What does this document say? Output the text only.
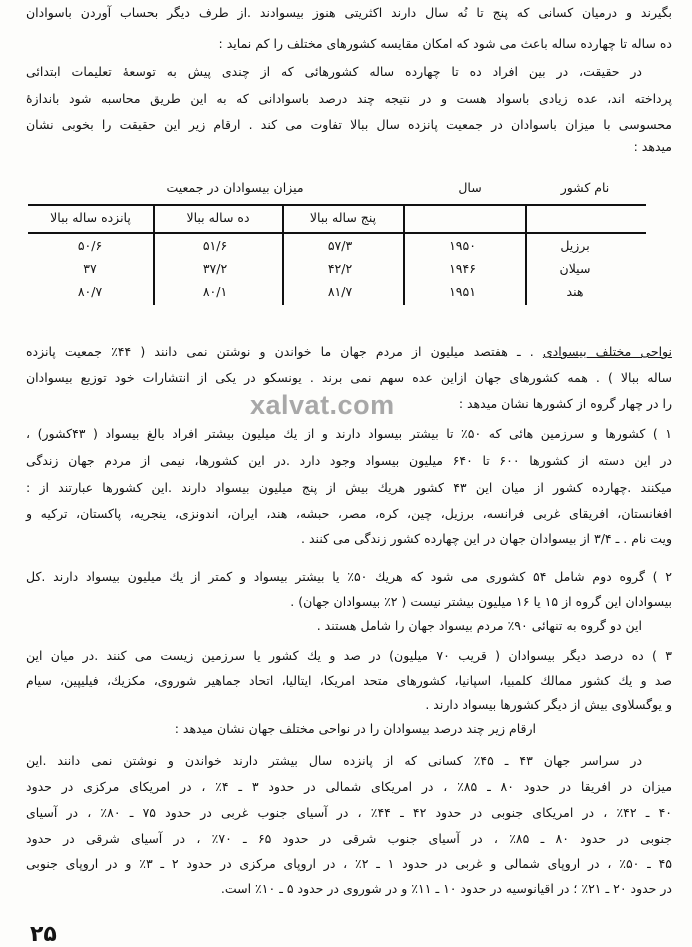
بگیرند و درمیان کسانی که پنج تا نُه سال دارند اکثریتی هنوز بیسوادند .از طرف دیگر بحساب آوردن باسوادان
ده ساله تا چهارده ساله باعث می شود که امکان مقایسه کشورهای مختلف را کم نماید :
در حقیقت، در بین افراد ده تا چهارده ساله کشورهائی که از چندی پیش به توسعهٔ تعلیمات ابتدائی
پرداخته اند، عده زیادی باسواد هست و در نتیجه چند درصد باسوادانی که به این طریق محاسبه شود باندازهٔ
محسوسی با میزان باسوادان در جمعیت پانزده سال ببالا تفاوت می کند . ارقام زیر این حقیقت را بخوبی نشان
میدهد :
میزان بیسوادان در جمعیت	سال	نام کشور
پنج ساله ببالا
ده ساله ببالا
پانزده ساله ببالا
برزیل
۱۹۵۰
۵۷/۳
۵۱/۶
۵۰/۶
سیلان
۱۹۴۶
۴۲/۲
۳۷/۲
۳۷
هند
۱۹۵۱
۸۱/۷
۸۰/۱
۸۰/۷
نواحی مختلف بیسوادی . ـ هفتصد میلیون از مردم جهان ما خواندن و نوشتن نمی دانند ( ۴۴٪ جمعیت پانزده
ساله ببالا ) . همه کشورهای جهان ازاین عده سهم نمی برند . یونسکو در یکی از انتشارات خود توزیع بیسوادان
را در چهار گروه از کشورها نشان میدهد :
xalvat.com
۱ ) کشورها و سرزمین هائی که ۵۰٪ تا بیشتر بیسواد دارند و از یك میلیون بیشتر افراد بالغ بیسواد ( ۴۳کشور) ،
در این دسته از کشورها ۶۰۰ تا ۶۴۰ میلیون بیسواد وجود دارد .در این کشورها، نیمی از مردم جهان زندگی
میکنند .چهارده کشور از میان این ۴۳ کشور هریك بیش از پنج میلیون بیسواد دارند .این کشورها عبارتند از :
افغانستان، افریقای غربی فرانسه، برزیل، چین، کره، مصر، حبشه، هند، ایران، اندونزی، ینجریه، پاکستان، ترکیه و
ویت نام . ـ ۳/۴ از بیسوادان جهان در این چهارده کشور زندگی می کنند .
۲ ) گروه دوم شامل ۵۴ کشوری می شود که هریك ۵۰٪ یا بیشتر بیسواد و کمتر از یك میلیون بیسواد دارند .کل
بیسوادان این گروه از ۱۵ یا ۱۶ میلیون بیشتر نیست ( ۲٪ بیسوادان جهان) .
این دو گروه به تنهائی ۹۰٪ مردم بیسواد جهان را شامل هستند .
۳ ) ده درصد دیگر بیسوادان ( قریب ۷۰ میلیون) در صد و یك کشور یا سرزمین زیست می کنند .در میان این
صد و یك کشور ممالك کلمبیا، اسپانیا، کشورهای متحد امریکا، ایتالیا، اتحاد جماهیر شوروی، مکزیك، فیلیپین، سیام
و یوگسلاوی بیش از دیگر کشورها بیسواد دارند .
ارقام زیر چند درصد بیسوادان را در نواحی مختلف جهان نشان میدهد :
در سراسر جهان ۴۳ ـ ۴۵٪ کسانی که از پانزده سال بیشتر دارند خواندن و نوشتن نمی دانند .این
میزان در افریقا در حدود ۸۰ ـ ۸۵٪ ، در امریکای شمالی در حدود ۳ ـ ۴٪ ، در امریکای مرکزی در حدود
۴۰ ـ ۴۲٪ ، در امریکای جنوبی در حدود ۴۲ ـ ۴۴٪ ، در آسیای جنوب غربی در حدود ۷۵ ـ ۸۰٪ ، در آسیای
جنوبی در حدود ۸۰ ـ ۸۵٪ ، در آسیای جنوب شرقی در حدود ۶۵ ـ ۷۰٪ ، در آسیای شرقی در حدود
۴۵ ـ ۵۰٪ ، در اروپای شمالی و غربی در حدود ۱ ـ ۲٪ ، در اروپای مرکزی در حدود ۲ ـ ۳٪ و در اروپای جنوبی
در حدود ۲۰ ـ ۲۱٪ ؛ در اقیانوسیه در حدود ۱۰ ـ ۱۱٪ و در شوروی در حدود ۵ ـ ۱۰٪ است.
۲۵
